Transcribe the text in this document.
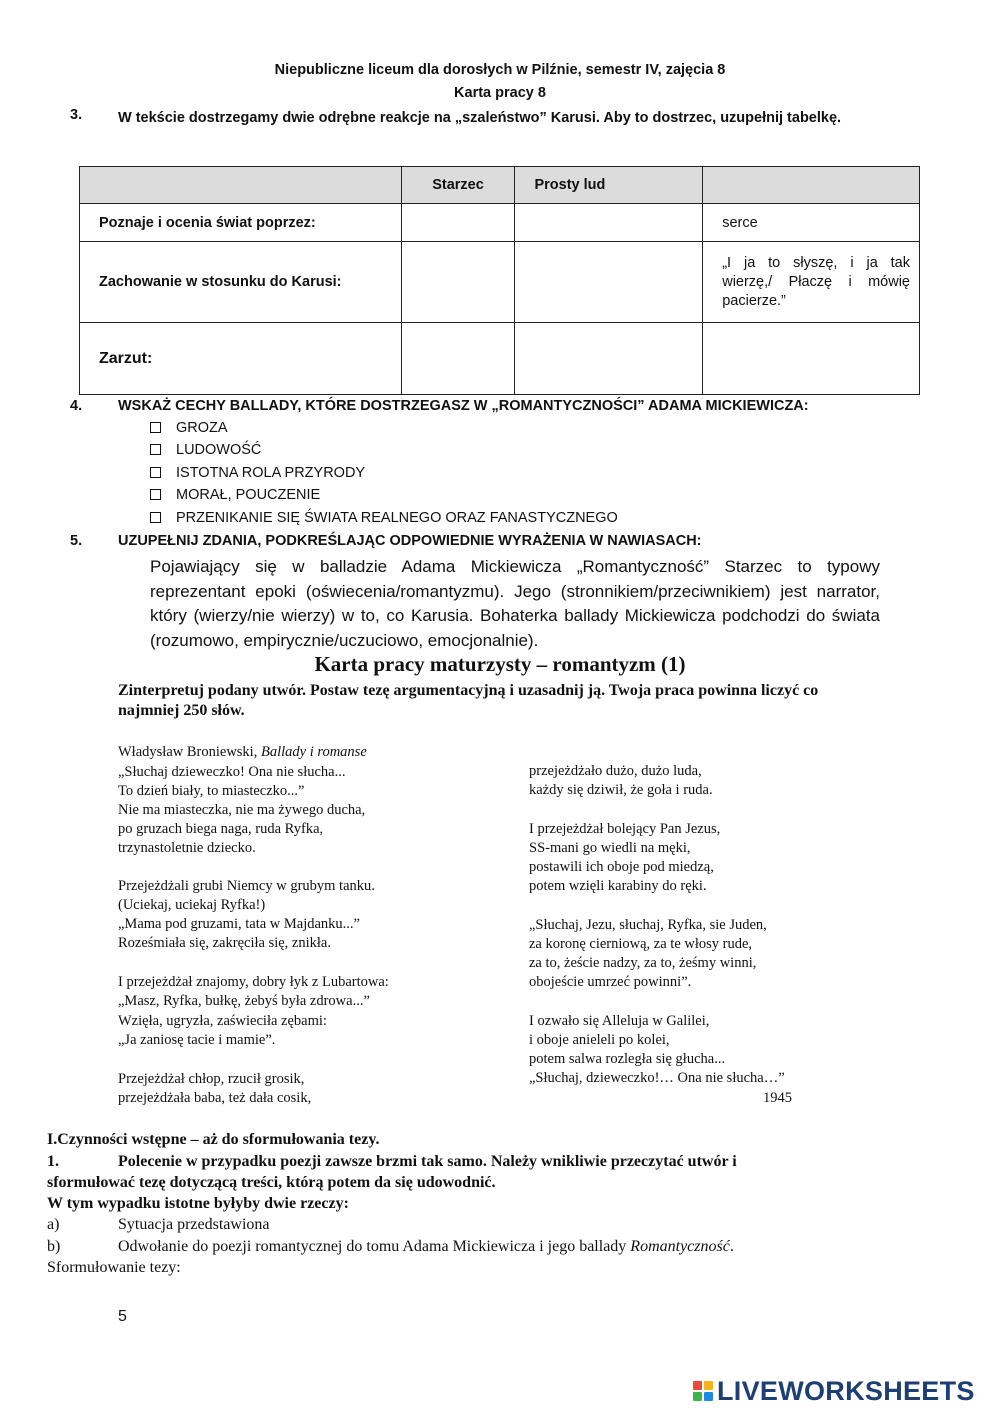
Niepubliczne liceum dla dorosłych w Pilźnie, semestr IV, zajęcia 8
Karta pracy 8
3.	W tekście dostrzegamy dwie odrębne reakcje na „szaleństwo” Karusi. Aby to dostrzec, uzupełnij tabelkę.
	Starzec	Prosty lud	
Poznaje i ocenia świat poprzez:			serce
Zachowanie w stosunku do Karusi:			„I ja to słyszę, i ja tak wierzę,/ Płaczę i mówię pacierze.”
Zarzut:			
4. WSKAŻ CECHY BALLADY, KTÓRE DOSTRZEGASZ W „ROMANTYCZNOŚCI” ADAMA MICKIEWICZA:
GROZA
LUDOWOŚĆ
ISTOTNA ROLA PRZYRODY
MORAŁ, POUCZENIE
PRZENIKANIE SIĘ ŚWIATA REALNEGO ORAZ FANASTYCZNEGO
5. UZUPEŁNIJ ZDANIA, PODKREŚLAJĄC ODPOWIEDNIE WYRAŻENIA W NAWIASACH:
Pojawiający się w balladzie Adama Mickiewicza „Romantyczność” Starzec to typowy reprezentant epoki (oświecenia/romantyzmu). Jego (stronnikiem/przeciwnikiem) jest narrator, który (wierzy/nie wierzy) w to, co Karusia. Bohaterka ballady Mickiewicza podchodzi do świata (rozumowo, empirycznie/uczuciowo, emocjonalnie).
Karta pracy maturzysty – romantyzm (1)
Zinterpretuj podany utwór. Postaw tezę argumentacyjną i uzasadnij ją. Twoja praca powinna liczyć co najmniej 250 słów.
Władysław Broniewski, Ballady i romanse
„Słuchaj dzieweczko! Ona nie słucha...
To dzień biały, to miasteczko...”
Nie ma miasteczka, nie ma żywego ducha,
po gruzach biega naga, ruda Ryfka,
trzynastoletnie dziecko.
Przejeżdżali grubi Niemcy w grubym tanku.
(Uciekaj, uciekaj Ryfka!)
„Mama pod gruzami, tata w Majdanku...”
Roześmiała się, zakręciła się, znikła.
I przejeżdżał znajomy, dobry łyk z Lubartowa:
„Masz, Ryfka, bułkę, żebyś była zdrowa...”
Wzięła, ugryzła, zaświeciła zębami:
„Ja zaniosę tacie i mamie”.
Przejeżdżał chłop, rzucił grosik,
przejeżdżała baba, też dała cosik,
przejeżdżało dużo, dużo luda,
każdy się dziwił, że goła i ruda.
I przejeżdżał bolejący Pan Jezus,
SS-mani go wiedli na męki,
postawili ich oboje pod miedzą,
potem wzięli karabiny do ręki.
„Słuchaj, Jezu, słuchaj, Ryfka, sie Juden,
za koronę cierniową, za te włosy rude,
za to, żeście nadzy, za to, żeśmy winni,
obojeście umrzeć powinni”.
I ozwało się Alleluja w Galilei,
i oboje anieleli po kolei,
potem salwa rozległa się głucha...
„Słuchaj, dzieweczko!… Ona nie słucha…”
1945
I.Czynności wstępne – aż do sformułowania tezy.
1.	Polecenie w przypadku poezji zawsze brzmi tak samo. Należy wnikliwie przeczytać utwór i
sformułować tezę dotyczącą treści, którą potem da się udowodnić.
W tym wypadku istotne byłyby dwie rzeczy:
a)	Sytuacja przedstawiona
b)	Odwołanie do poezji romantycznej do tomu Adama Mickiewicza i jego ballady Romantyczność.
Sformułowanie tezy:
5
LIVEWORKSHEETS
